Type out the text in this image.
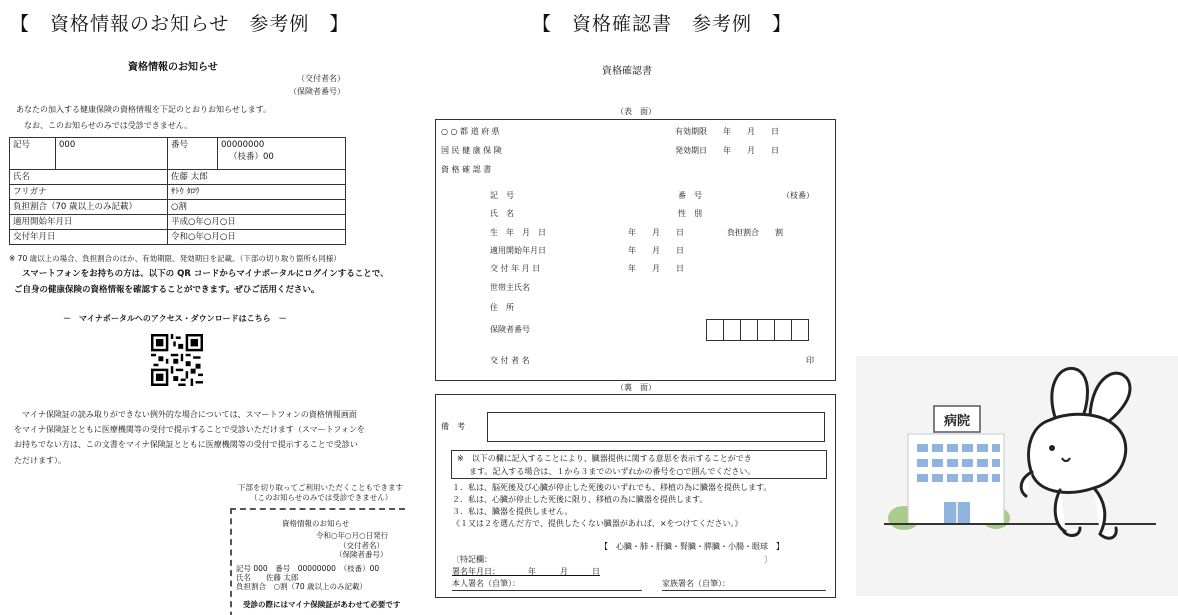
【　資格情報のお知らせ　参考例　】
資格情報のお知らせ
（交付者名）
（保険者番号）
あなたの加入する健康保険の資格情報を下記のとおりお知らせします。
なお、このお知らせのみでは受診できません。
記号	000	番号	00000000
（枝番）00

氏名		佐藤 太郎	
フリガナ		ｻﾄｳ ﾀﾛｳ	
負担割合（70 歳以上のみ記載）		○割	
適用開始年月日		平成○年○月○日	
交付年月日		令和○年○月○日	
※ 70 歳以上の場合、負担割合のほか、有効期限、発効期日を記載。（下部の切り取り箇所も同様）
スマートフォンをお持ちの方は、以下の QR コードからマイナポータルにログインすることで、
ご自身の健康保険の資格情報を確認することができます。ぜひご活用ください。
－　マイナポータルへのアクセス・ダウンロードはこちら　－
マイナ保険証の読み取りができない例外的な場合については、スマートフォンの資格情報画面
をマイナ保険証とともに医療機関等の受付で提示することで受診いただけます（スマートフォンを
お持ちでない方は、この文書をマイナ保険証とともに医療機関等の受付で提示することで受診い
ただけます）。
下部を切り取ってご利用いただくこともできます
（このお知らせのみでは受診できません）
資格情報のお知らせ
令和○年○月○日発行
（交付者名）
（保険者番号）
記号 000　番号　00000000　（枝番）00
氏名　　佐藤 太郎
負担割合　○割（70 歳以上のみ記載）
受診の際にはマイナ保険証があわせて必要です
【　資格確認書　参考例　】
資格確認書
（表　面）
○ ○ 都 道 府 県
国 民 健 康 保 険
資 格 確 認 書
有効期限　　年　　月　　日
発効期日　　年　　月　　日
記　号	番　号	（枝番）
氏　名	性　別
生　年　月　日	年　　月　　日	負担割合　　割
適用開始年月日	年　　月　　日
交 付 年 月 日	年　　月　　日
世帯主氏名
住　所
保険者番号
交 付 者 名	印
（裏　面）
備　考
※　以下の欄に記入することにより、臓器提供に関する意思を表示することができ
ます。記入する場合は、１から３までのいずれかの番号を○で囲んでください。
１．私は、脳死後及び心臓が停止した死後のいずれでも、移植の為に臓器を提供します。
２．私は、心臓が停止した死後に限り、移植の為に臓器を提供します。
３．私は、臓器を提供しません。
《１又は２を選んだ方で、提供したくない臓器があれば、×をつけてください。》
【　心臓・肺・肝臓・腎臓・膵臓・小腸・眼球　】
〔特記欄：	〕
署名年月日：　　　　年　　　月　　　日
本人署名（自筆）：	家族署名（自筆）：
病院
